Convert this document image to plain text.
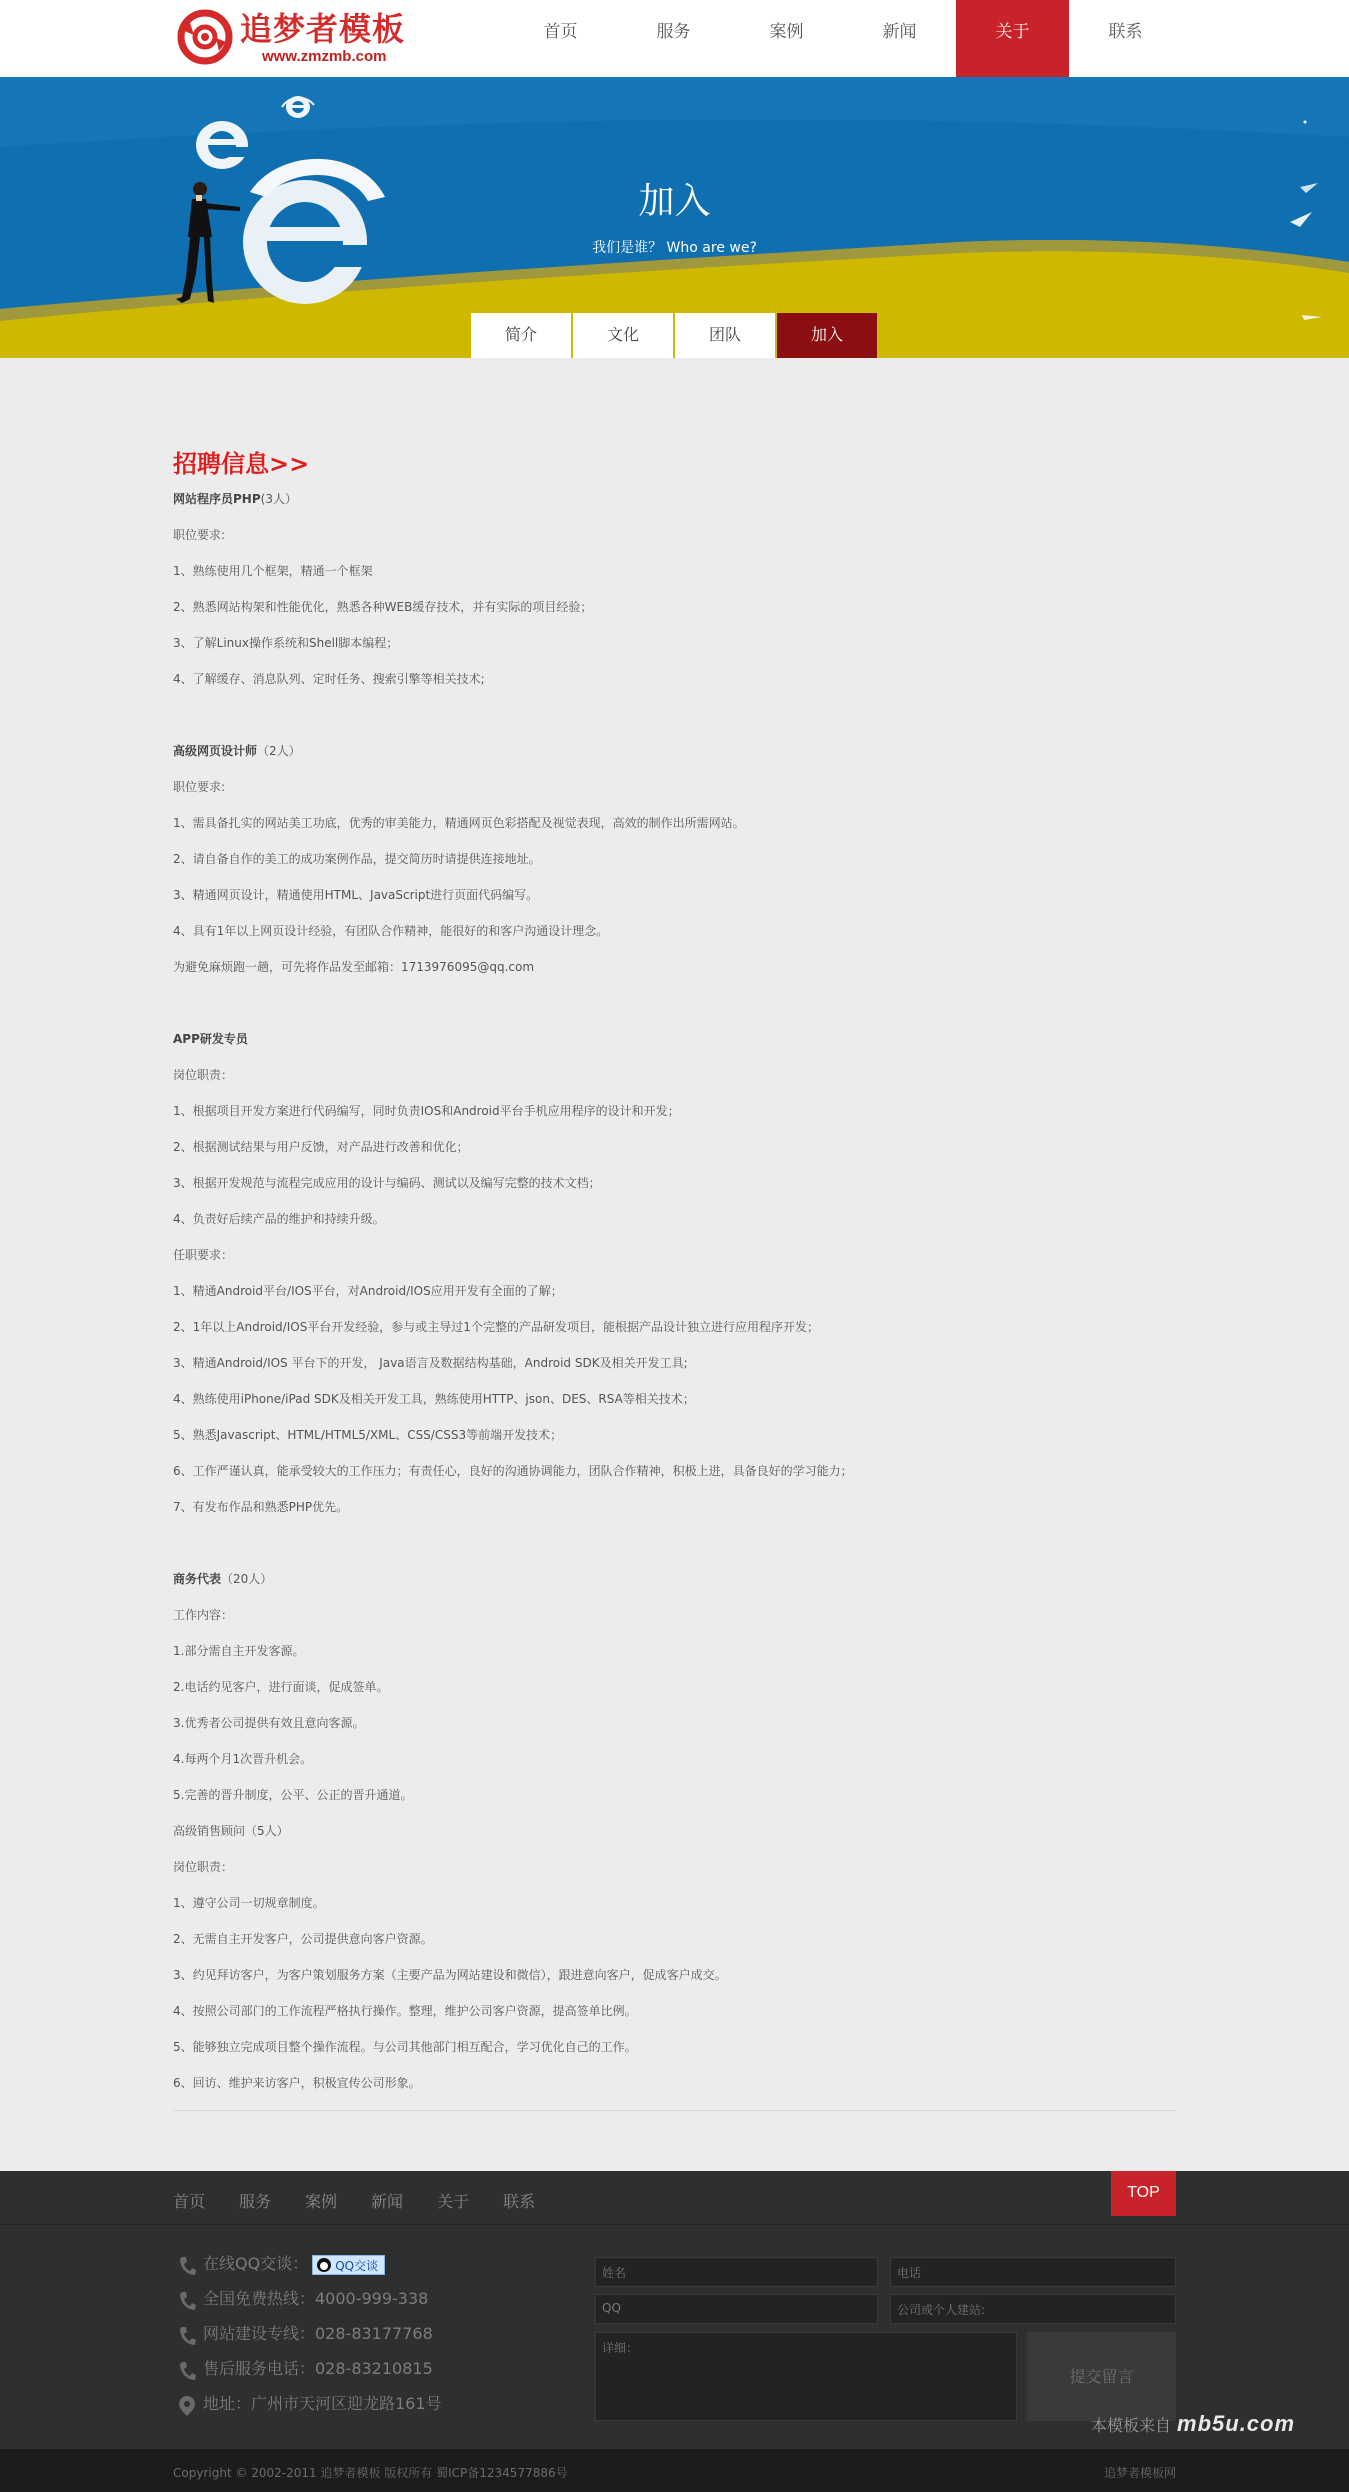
追梦者模板
www.zmzmb.com
首页	服务	案例	新闻	关于	联系
加入
我们是谁？ Who are we?
简介	文化	团队	加入
招聘信息>>
网站程序员PHP(3人）
职位要求:
1、熟练使用几个框架，精通一个框架
2、熟悉网站构架和性能优化，熟悉各种WEB缓存技术，并有实际的项目经验；
3、了解Linux操作系统和Shell脚本编程；
4、了解缓存、消息队列、定时任务、搜索引擎等相关技术;
高级网页设计师（2人）
职位要求:
1、需具备扎实的网站美工功底，优秀的审美能力，精通网页色彩搭配及视觉表现，高效的制作出所需网站。
2、请自备自作的美工的成功案例作品，提交简历时请提供连接地址。
3、精通网页设计，精通使用HTML、JavaScript进行页面代码编写。
4、具有1年以上网页设计经验，有团队合作精神，能很好的和客户沟通设计理念。
为避免麻烦跑一趟，可先将作品发至邮箱：1713976095@qq.com
APP研发专员
岗位职责：
1、根据项目开发方案进行代码编写，同时负责IOS和Android平台手机应用程序的设计和开发；
2、根据测试结果与用户反馈，对产品进行改善和优化；
3、根据开发规范与流程完成应用的设计与编码、测试以及编写完整的技术文档；
4、负责好后续产品的维护和持续升级。
任职要求：
1、精通Android平台/IOS平台，对Android/IOS应用开发有全面的了解；
2、1年以上Android/IOS平台开发经验，参与或主导过1个完整的产品研发项目，能根据产品设计独立进行应用程序开发；
3、精通Android/IOS 平台下的开发， Java语言及数据结构基础，Android SDK及相关开发工具;
4、熟练使用iPhone/iPad SDK及相关开发工具，熟练使用HTTP、json、DES、RSA等相关技术；
5、熟悉Javascript、HTML/HTML5/XML、CSS/CSS3等前端开发技术；
6、工作严谨认真，能承受较大的工作压力；有责任心，良好的沟通协调能力，团队合作精神，积极上进，具备良好的学习能力；
7、有发布作品和熟悉PHP优先。
商务代表（20人）
工作内容：
1.部分需自主开发客源。
2.电话约见客户，进行面谈，促成签单。
3.优秀者公司提供有效且意向客源。
4.每两个月1次晋升机会。
5.完善的晋升制度，公平、公正的晋升通道。
高级销售顾问（5人）
岗位职责：
1、遵守公司一切规章制度。
2、无需自主开发客户，公司提供意向客户资源。
3、约见拜访客户，为客户策划服务方案（主要产品为网站建设和微信），跟进意向客户，促成客户成交。
4、按照公司部门的工作流程严格执行操作。整理，维护公司客户资源，提高签单比例。
5、能够独立完成项目整个操作流程。与公司其他部门相互配合，学习优化自己的工作。
6、回访、维护来访客户，积极宣传公司形象。
首页 服务 案例 新闻 关于 联系	TOP
在线QQ交谈： QQ交谈
全国免费热线：4000-999-338
网站建设专线：028-83177768
售后服务电话：028-83210815
地址：广州市天河区迎龙路161号
姓名	电话
QQ	公司或个人建站:
详细：
提交留言
本模板来自 mb5u.com
Copyright © 2002-2011 追梦者模板 版权所有 蜀ICP备1234577886号	追梦者模板网
